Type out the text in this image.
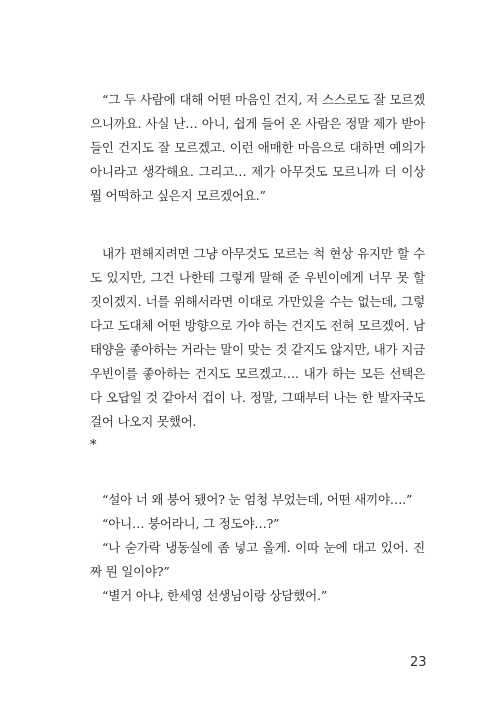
“그 두 사람에 대해 어떤 마음인 건지, 저 스스로도 잘 모르겠으니까요. 사실 난… 아니, 쉽게 들어 온 사람은 정말 제가 받아들인 건지도 잘 모르겠고. 이런 애매한 마음으로 대하면 예의가 아니라고 생각해요. 그리고… 제가 아무것도 모르니까 더 이상 뭘 어떡하고 싶은지 모르겠어요.”

내가 편해지려면 그냥 아무것도 모르는 척 현상 유지만 할 수도 있지만, 그건 나한테 그렇게 말해 준 우빈이에게 너무 못 할 짓이겠지. 너를 위해서라면 이대로 가만있을 수는 없는데, 그렇다고 도대체 어떤 방향으로 가야 하는 건지도 전혀 모르겠어. 남태양을 좋아하는 거라는 말이 맞는 것 같지도 않지만, 내가 지금 우빈이를 좋아하는 건지도 모르겠고…. 내가 하는 모든 선택은 다 오답일 것 같아서 겁이 나. 정말, 그때부터 나는 한 발자국도 걸어 나오지 못했어.

*

“설아 너 왜 붕어 됐어? 눈 엄청 부었는데, 어떤 새끼야….”

“아니… 붕어라니, 그 정도야…?”

“나 숟가락 냉동실에 좀 넣고 올게. 이따 눈에 대고 있어. 진짜 뭔 일이야?”

“별거 아냐, 한세영 선생님이랑 상담했어.”

23
